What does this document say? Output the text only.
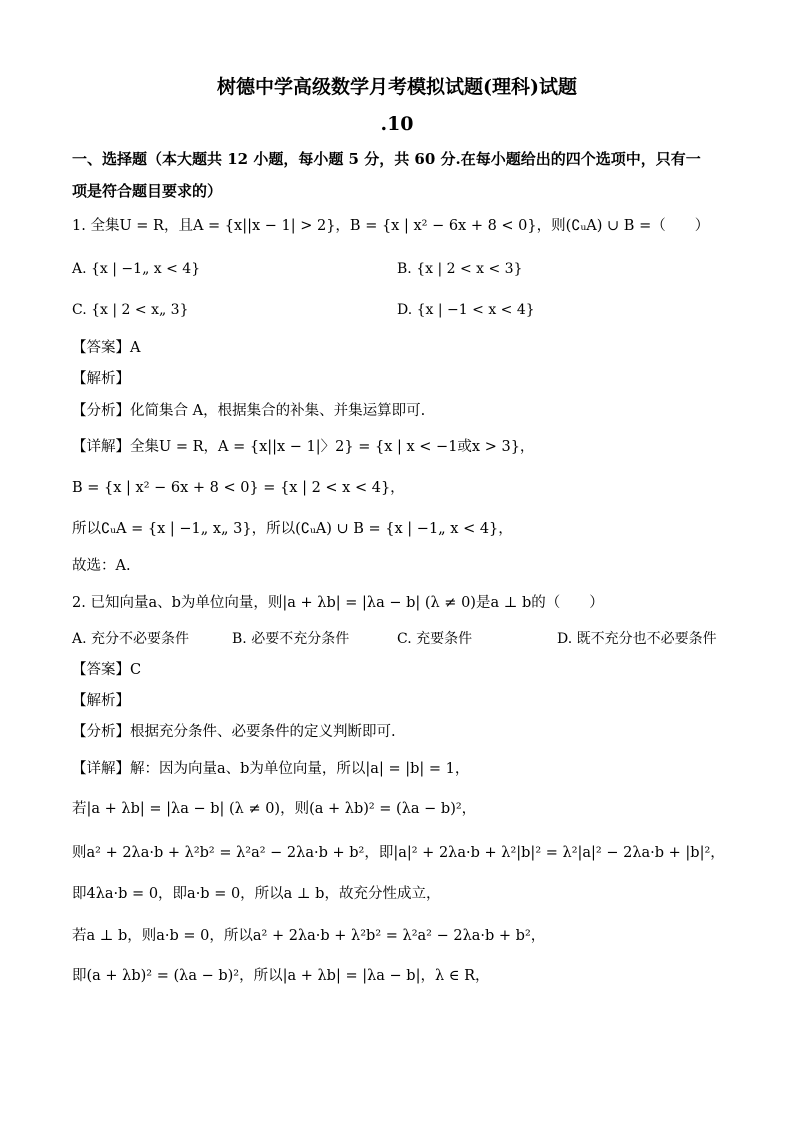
树德中学高级数学月考模拟试题(理科)试题
.10
一、选择题（本大题共 12 小题，每小题 5 分，共 60 分.在每小题给出的四个选项中，只有一
项是符合题目要求的）
1. 全集U = R，且A = {x||x − 1| > 2}，B = {x | x² − 6x + 8 < 0}，则(∁ᵤA) ∪ B =（　　）
A. {x | −1„ x < 4}	B. {x | 2 < x < 3}
C. {x | 2 < x„ 3}	D. {x | −1 < x < 4}
【答案】A
【解析】
【分析】化简集合 A，根据集合的补集、并集运算即可.
【详解】全集U = R，A = {x||x − 1|〉2} = {x | x < −1或x > 3}，
B = {x | x² − 6x + 8 < 0} = {x | 2 < x < 4}，
所以∁ᵤA = {x | −1„ x„ 3}，所以(∁ᵤA) ∪ B = {x | −1„ x < 4}，
故选：A.
2. 已知向量a、b为单位向量，则|a + λb| = |λa − b| (λ ≠ 0)是a ⊥ b的（　　）
A. 充分不必要条件	B. 必要不充分条件	C. 充要条件	D. 既不充分也不必要条件
【答案】C
【解析】
【分析】根据充分条件、必要条件的定义判断即可.
【详解】解：因为向量a、b为单位向量，所以|a| = |b| = 1，
若|a + λb| = |λa − b| (λ ≠ 0)，则(a + λb)² = (λa − b)²，
则a² + 2λa·b + λ²b² = λ²a² − 2λa·b + b²，即|a|² + 2λa·b + λ²|b|² = λ²|a|² − 2λa·b + |b|²，
即4λa·b = 0，即a·b = 0，所以a ⊥ b，故充分性成立，
若a ⊥ b，则a·b = 0，所以a² + 2λa·b + λ²b² = λ²a² − 2λa·b + b²，
即(a + λb)² = (λa − b)²，所以|a + λb| = |λa − b|，λ ∈ R，
